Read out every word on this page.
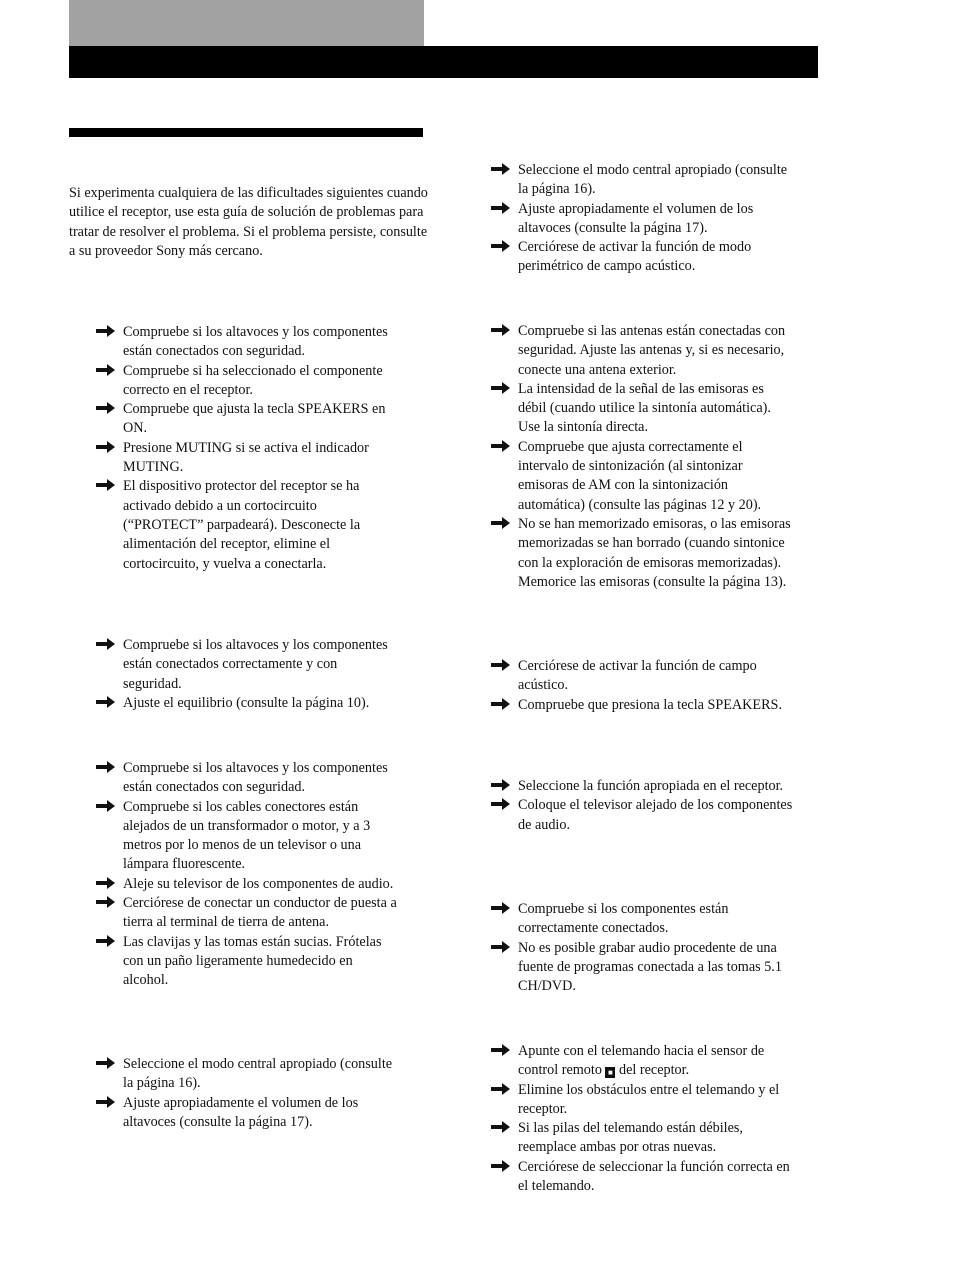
Si experimenta cualquiera de las dificultades siguientes cuando utilice el receptor, use esta guía de solución de problemas para tratar de resolver el problema. Si el problema persiste, consulte a su proveedor Sony más cercano.

Compruebe si los altavoces y los componentes están conectados con seguridad.
Compruebe si ha seleccionado el componente correcto en el receptor.
Compruebe que ajusta la tecla SPEAKERS en ON.
Presione MUTING si se activa el indicador MUTING.
El dispositivo protector del receptor se ha activado debido a un cortocircuito (“PROTECT” parpadeará). Desconecte la alimentación del receptor, elimine el cortocircuito, y vuelva a conectarla.
Compruebe si los altavoces y los componentes están conectados correctamente y con seguridad.
Ajuste el equilibrio (consulte la página 10).
Compruebe si los altavoces y los componentes están conectados con seguridad.
Compruebe si los cables conectores están alejados de un transformador o motor, y a 3 metros por lo menos de un televisor o una lámpara fluorescente.
Aleje su televisor de los componentes de audio.
Cerciórese de conectar un conductor de puesta a tierra al terminal de tierra de antena.
Las clavijas y las tomas están sucias. Frótelas con un paño ligeramente humedecido en alcohol.
Seleccione el modo central apropiado (consulte la página 16).
Ajuste apropiadamente el volumen de los altavoces (consulte la página 17).
Seleccione el modo central apropiado (consulte la página 16).
Ajuste apropiadamente el volumen de los altavoces (consulte la página 17).
Cerciórese de activar la función de modo perimétrico de campo acústico.
Compruebe si las antenas están conectadas con seguridad. Ajuste las antenas y, si es necesario, conecte una antena exterior.
La intensidad de la señal de las emisoras es débil (cuando utilice la sintonía automática). Use la sintonía directa.
Compruebe que ajusta correctamente el intervalo de sintonización (al sintonizar emisoras de AM con la sintonización automática) (consulte las páginas 12 y 20).
No se han memorizado emisoras, o las emisoras memorizadas se han borrado (cuando sintonice con la exploración de emisoras memorizadas). Memorice las emisoras (consulte la página 13).
Cerciórese de activar la función de campo acústico.
Compruebe que presiona la tecla SPEAKERS.
Seleccione la función apropiada en el receptor.
Coloque el televisor alejado de los componentes de audio.
Compruebe si los componentes están correctamente conectados.
No es posible grabar audio procedente de una fuente de programas conectada a las tomas 5.1 CH/DVD.
Apunte con el telemando hacia el sensor de control remoto ■ del receptor.
Elimine los obstáculos entre el telemando y el receptor.
Si las pilas del telemando están débiles, reemplace ambas por otras nuevas.
Cerciórese de seleccionar la función correcta en el telemando.
